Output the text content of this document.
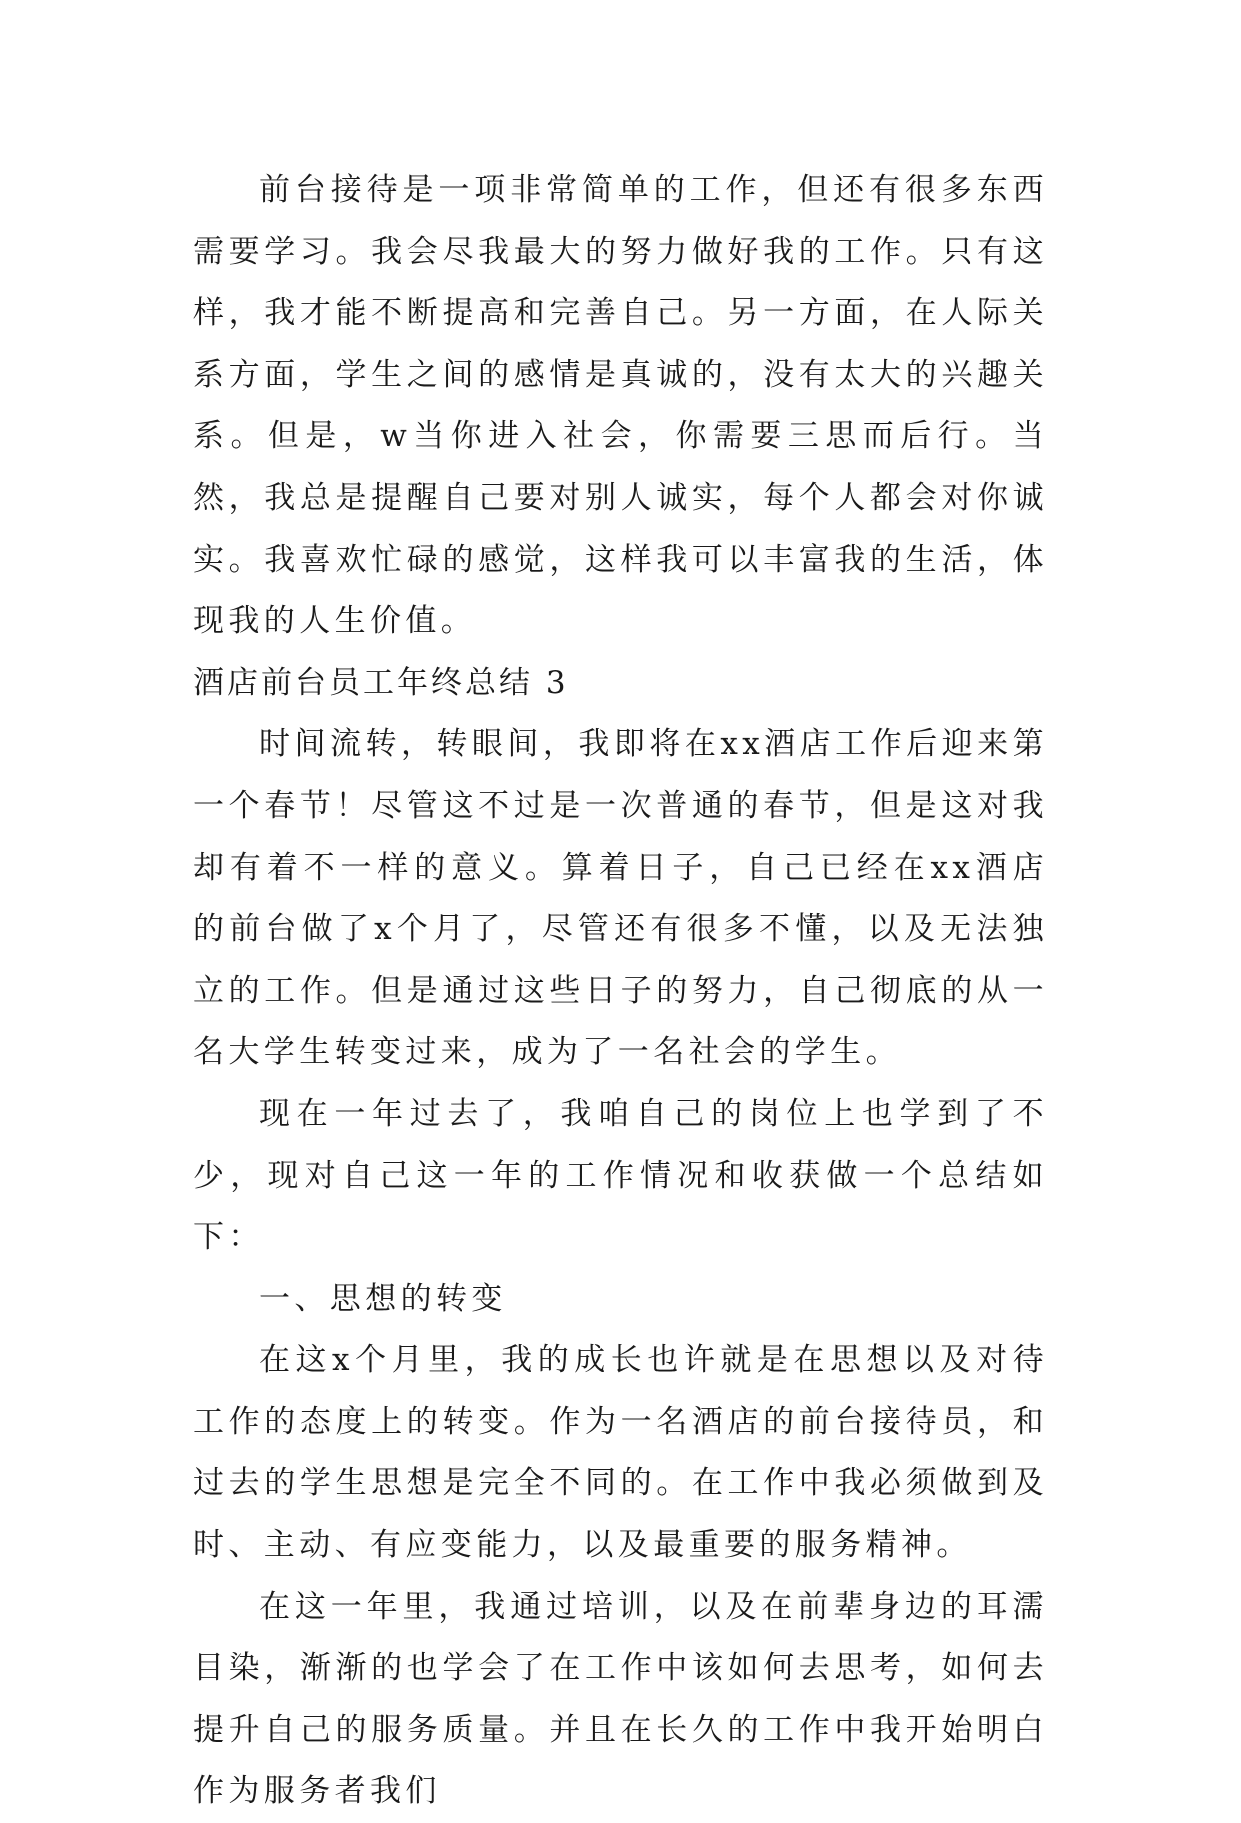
前台接待是一项非常简单的工作，但还有很多东西需要学习。我会尽我最大的努力做好我的工作。只有这样，我才能不断提高和完善自己。另一方面，在人际关系方面，学生之间的感情是真诚的，没有太大的兴趣关系。但是，w当你进入社会，你需要三思而后行。当然，我总是提醒自己要对别人诚实，每个人都会对你诚实。我喜欢忙碌的感觉，这样我可以丰富我的生活，体现我的人生价值。

酒店前台员工年终总结 3

时间流转，转眼间，我即将在xx酒店工作后迎来第一个春节！尽管这不过是一次普通的春节，但是这对我却有着不一样的意义。算着日子，自己已经在xx酒店的前台做了x个月了，尽管还有很多不懂，以及无法独立的工作。但是通过这些日子的努力，自己彻底的从一名大学生转变过来，成为了一名社会的学生。

现在一年过去了，我咱自己的岗位上也学到了不少，现对自己这一年的工作情况和收获做一个总结如下：

一、思想的转变

在这x个月里，我的成长也许就是在思想以及对待工作的态度上的转变。作为一名酒店的前台接待员，和过去的学生思想是完全不同的。在工作中我必须做到及时、主动、有应变能力，以及最重要的服务精神。

在这一年里，我通过培训，以及在前辈身边的耳濡目染，渐渐的也学会了在工作中该如何去思考，如何去提升自己的服务质量。并且在长久的工作中我开始明白作为服务者我们
